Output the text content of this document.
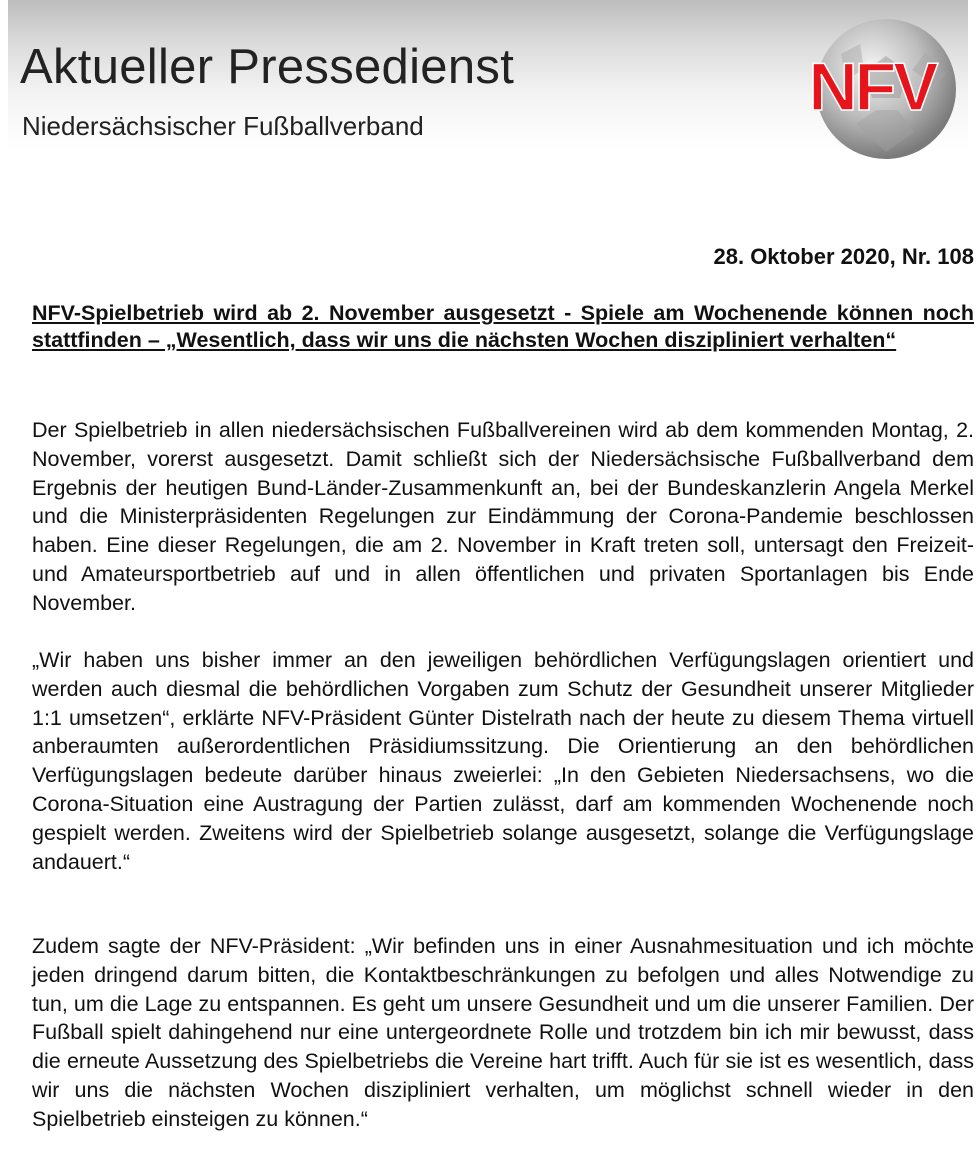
Aktueller Pressedienst
Niedersächsischer Fußballverband
NFV
28. Oktober 2020, Nr. 108
NFV-Spielbetrieb wird ab 2. November ausgesetzt - Spiele am Wochenende können noch stattfinden – „Wesentlich, dass wir uns die nächsten Wochen diszipliniert verhalten“
Der Spielbetrieb in allen niedersächsischen Fußballvereinen wird ab dem kommenden Montag, 2. November, vorerst ausgesetzt. Damit schließt sich der Niedersächsische Fußballverband dem Ergebnis der heutigen Bund-Länder-Zusammenkunft an, bei der Bundeskanzlerin Angela Merkel und die Ministerpräsidenten Regelungen zur Eindämmung der Corona-Pandemie beschlossen haben. Eine dieser Regelungen, die am 2. November in Kraft treten soll, untersagt den Freizeit- und Amateursportbetrieb auf und in allen öffentlichen und privaten Sportanlagen bis Ende November.
„Wir haben uns bisher immer an den jeweiligen behördlichen Verfügungslagen orientiert und werden auch diesmal die behördlichen Vorgaben zum Schutz der Gesundheit unserer Mitglieder 1:1 umsetzen“, erklärte NFV-Präsident Günter Distelrath nach der heute zu diesem Thema virtuell anberaumten außerordentlichen Präsidiumssitzung. Die Orientierung an den behördlichen Verfügungslagen bedeute darüber hinaus zweierlei: „In den Gebieten Niedersachsens, wo die Corona-Situation eine Austragung der Partien zulässt, darf am kommenden Wochenende noch gespielt werden. Zweitens wird der Spielbetrieb solange ausgesetzt, solange die Verfügungslage andauert.“
Zudem sagte der NFV-Präsident: „Wir befinden uns in einer Ausnahmesituation und ich möchte jeden dringend darum bitten, die Kontaktbeschränkungen zu befolgen und alles Notwendige zu tun, um die Lage zu entspannen. Es geht um unsere Gesundheit und um die unserer Familien. Der Fußball spielt dahingehend nur eine untergeordnete Rolle und trotzdem bin ich mir bewusst, dass die erneute Aussetzung des Spielbetriebs die Vereine hart trifft. Auch für sie ist es wesentlich, dass wir uns die nächsten Wochen diszipliniert verhalten, um möglichst schnell wieder in den Spielbetrieb einsteigen zu können.“
